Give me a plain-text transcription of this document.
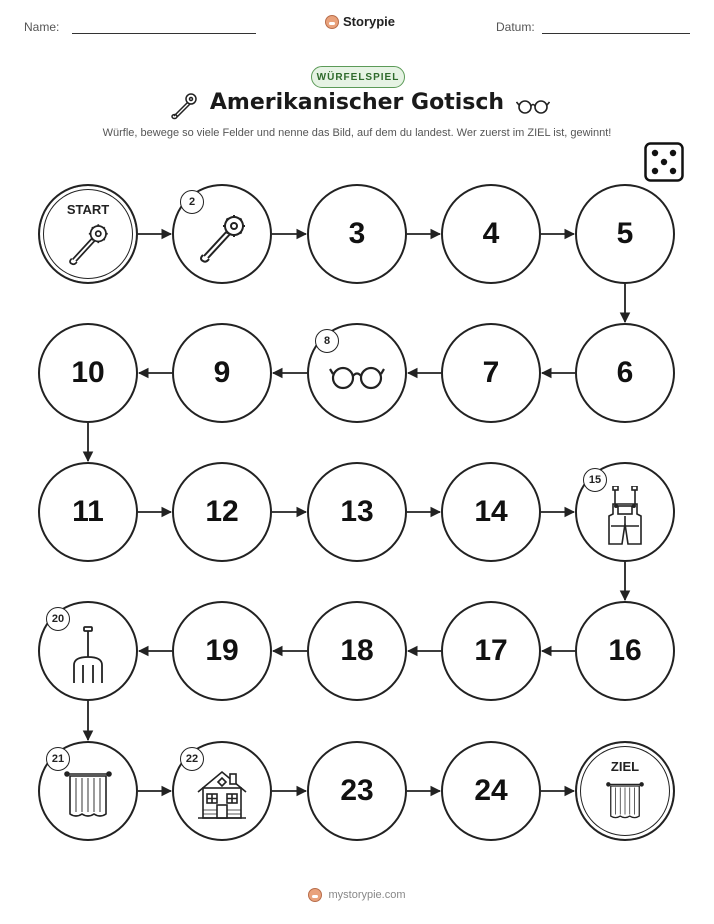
Name:	Storypie	Datum:
WÜRFELSPIEL
Amerikanischer Gotisch
Würfle, bewege so viele Felder und nenne das Bild, auf dem du landest. Wer zuerst im ZIEL ist, gewinnt!
START	2
3	4	5
6
7
8
9
10
11	12	13	14
15
16
17
18
19
20
21	22
23	24
ZIEL
mystorypie.com
